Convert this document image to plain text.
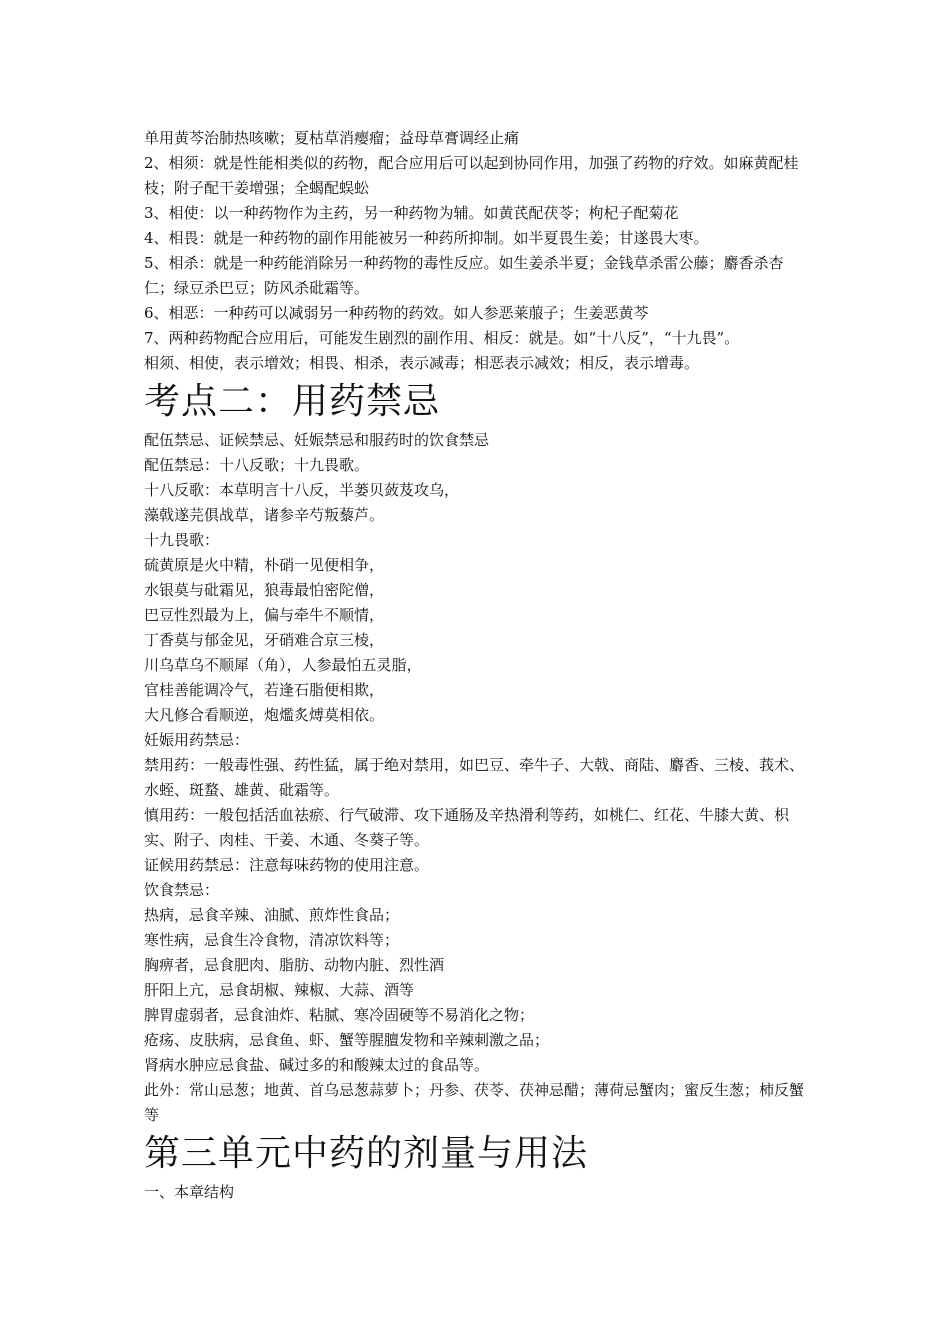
单用黄芩治肺热咳嗽；夏枯草消瘿瘤；益母草膏调经止痛

2、相须：就是性能相类似的药物，配合应用后可以起到协同作用，加强了药物的疗效。如麻黄配桂枝；附子配干姜增强；全蝎配蜈蚣

3、相使：以一种药物作为主药，另一种药物为辅。如黄芪配茯苓；枸杞子配菊花

4、相畏：就是一种药物的副作用能被另一种药所抑制。如半夏畏生姜；甘遂畏大枣。

5、相杀：就是一种药能消除另一种药物的毒性反应。如生姜杀半夏；金钱草杀雷公藤；麝香杀杏仁；绿豆杀巴豆；防风杀砒霜等。

6、相恶：一种药可以减弱另一种药物的药效。如人参恶莱菔子；生姜恶黄芩

7、两种药物配合应用后，可能发生剧烈的副作用、相反：就是。如“十八反”，“十九畏”。

相须、相使，表示增效；相畏、相杀，表示减毒；相恶表示减效；相反，表示增毒。

考点二：用药禁忌

配伍禁忌、证候禁忌、妊娠禁忌和服药时的饮食禁忌

配伍禁忌：十八反歌；十九畏歌。

十八反歌：本草明言十八反，半蒌贝蔹芨攻乌，

藻戟遂芫俱战草，诸参辛芍叛藜芦。

十九畏歌：

硫黄原是火中精，朴硝一见便相争，

水银莫与砒霜见，狼毒最怕密陀僧，

巴豆性烈最为上，偏与牵牛不顺情，

丁香莫与郁金见，牙硝难合京三棱，

川乌草乌不顺犀（角），人参最怕五灵脂，

官桂善能调冷气，若逢石脂便相欺，

大凡修合看顺逆，炮爁炙煿莫相依。

妊娠用药禁忌：

禁用药：一般毒性强、药性猛，属于绝对禁用，如巴豆、牵牛子、大戟、商陆、麝香、三棱、莪术、水蛭、斑蝥、雄黄、砒霜等。

慎用药：一般包括活血祛瘀、行气破滞、攻下通肠及辛热滑利等药，如桃仁、红花、牛膝大黄、枳实、附子、肉桂、干姜、木通、冬葵子等。

证候用药禁忌：注意每味药物的使用注意。

饮食禁忌：

热病，忌食辛辣、油腻、煎炸性食品；

寒性病，忌食生冷食物，清凉饮料等；

胸痹者，忌食肥肉、脂肪、动物内脏、烈性酒

肝阳上亢，忌食胡椒、辣椒、大蒜、酒等

脾胃虚弱者，忌食油炸、粘腻、寒冷固硬等不易消化之物；

疮疡、皮肤病，忌食鱼、虾、蟹等腥膻发物和辛辣刺激之品；

肾病水肿应忌食盐、碱过多的和酸辣太过的食品等。

此外：常山忌葱；地黄、首乌忌葱蒜萝卜；丹参、茯苓、茯神忌醋；薄荷忌蟹肉；蜜反生葱；柿反蟹等

第三单元中药的剂量与用法

一、本章结构
